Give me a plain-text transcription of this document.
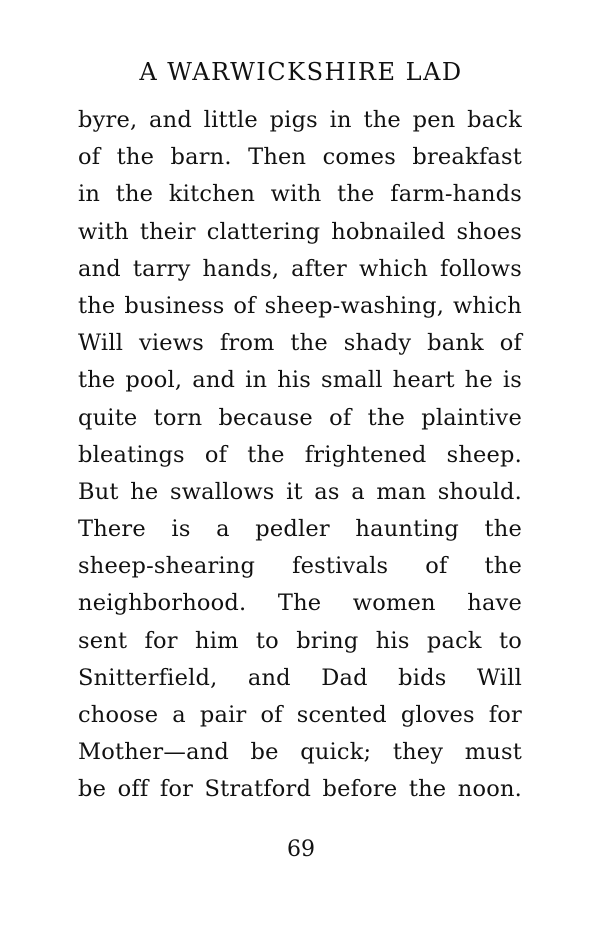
A WARWICKSHIRE LAD
byre, and little pigs in the pen back
of the barn. Then comes breakfast
in the kitchen with the farm-hands
with their clattering hobnailed shoes
and tarry hands, after which follows
the business of sheep-washing, which
Will views from the shady bank of
the pool, and in his small heart he is
quite torn because of the plaintive
bleatings of the frightened sheep.
But he swallows it as a man should.
There is a pedler haunting the
sheep-shearing festivals of the
neighborhood. The women have
sent for him to bring his pack to
Snitterfield, and Dad bids Will
choose a pair of scented gloves for
Mother—and be quick; they must
be off for Stratford before the noon.
69
